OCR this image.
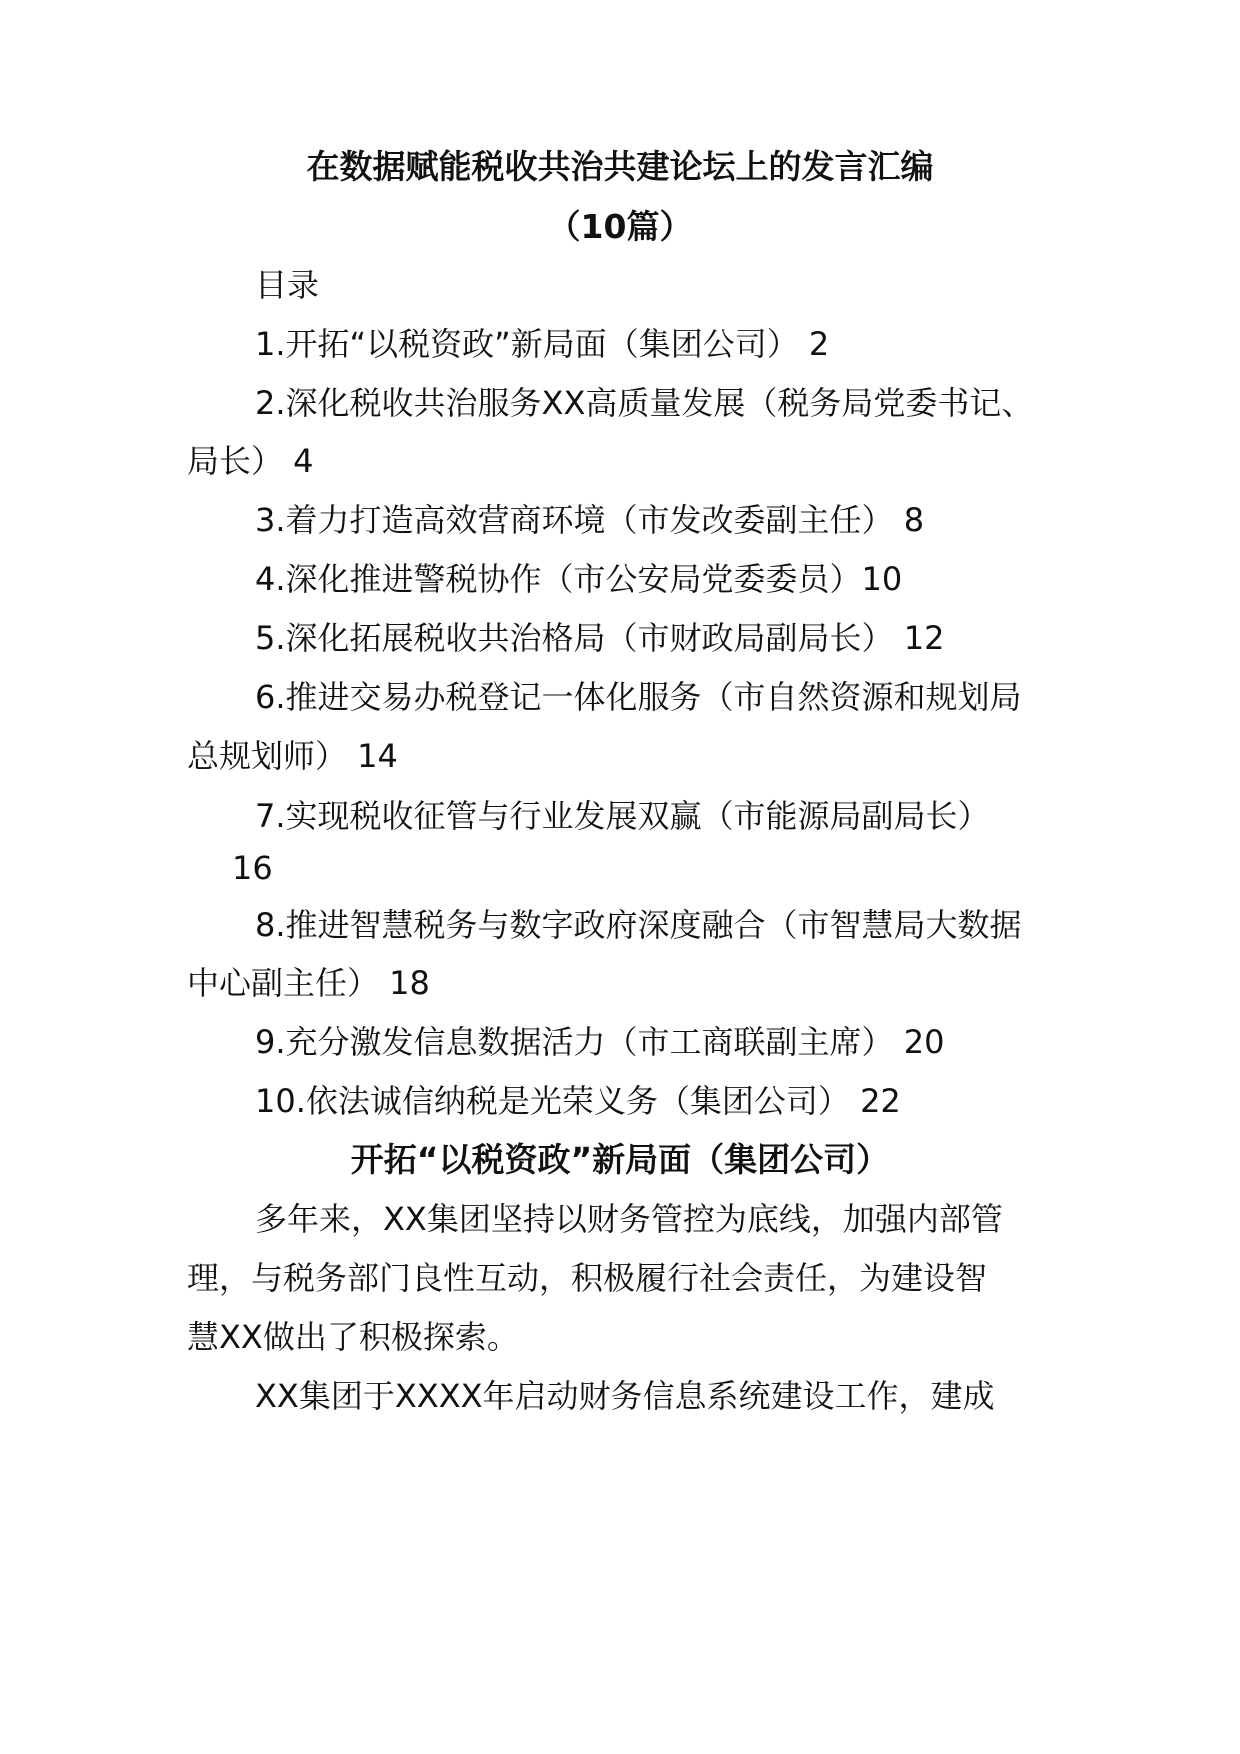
在数据赋能税收共治共建论坛上的发言汇编
（10篇）
目录
1.开拓“以税资政”新局面（集团公司） 2
2.深化税收共治服务XX高质量发展（税务局党委书记、
局长） 4
3.着力打造高效营商环境（市发改委副主任） 8
4.深化推进警税协作（市公安局党委委员）10
5.深化拓展税收共治格局（市财政局副局长） 12
6.推进交易办税登记一体化服务（市自然资源和规划局
总规划师） 14
7.实现税收征管与行业发展双赢（市能源局副局长）
16
8.推进智慧税务与数字政府深度融合（市智慧局大数据
中心副主任） 18
9.充分激发信息数据活力（市工商联副主席） 20
10.依法诚信纳税是光荣义务（集团公司） 22
开拓“以税资政”新局面（集团公司）
多年来，XX集团坚持以财务管控为底线，加强内部管
理，与税务部门良性互动，积极履行社会责任，为建设智
慧XX做出了积极探索。
XX集团于XXXX年启动财务信息系统建设工作，建成
